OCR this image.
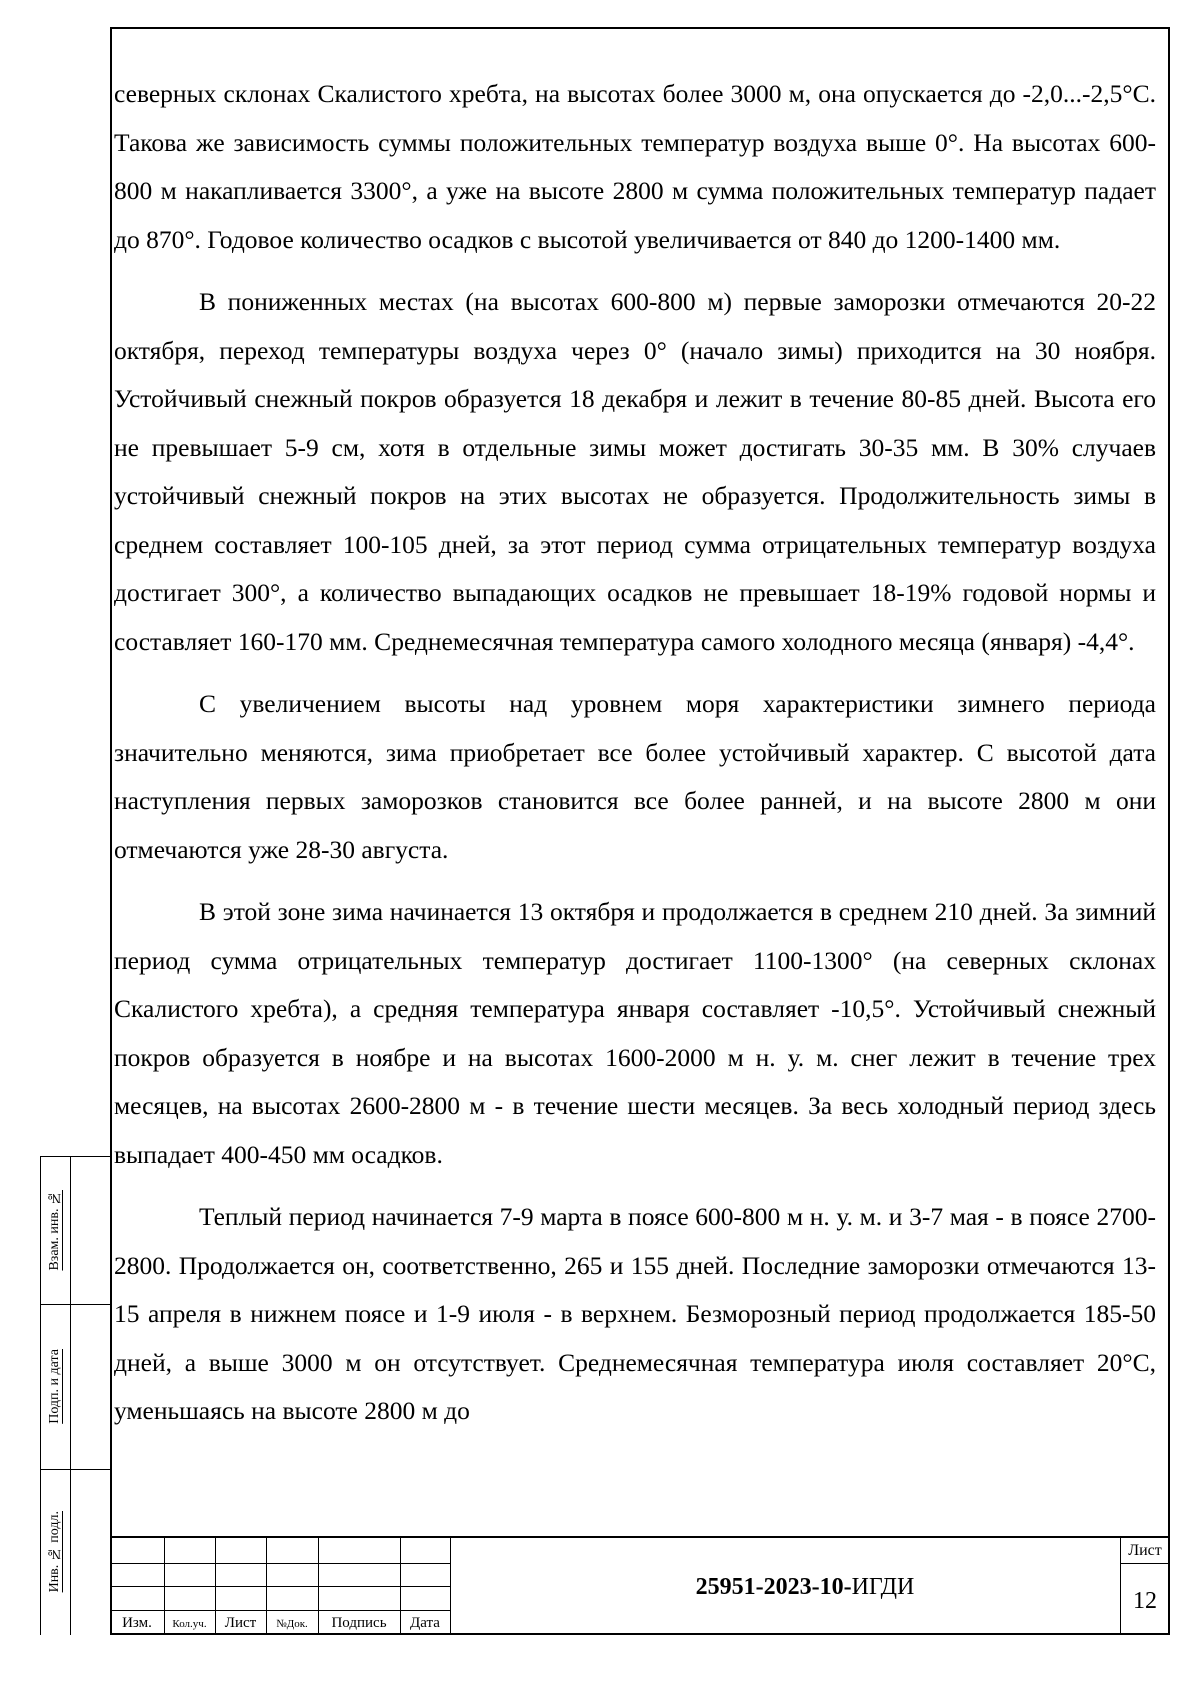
северных склонах Скалистого хребта, на высотах более 3000 м, она опускается до -2,0...-2,5°С. Такова же зависимость суммы положительных температур воздуха выше 0°. На высотах 600-800 м накапливается 3300°, а уже на высоте 2800 м сумма положительных температур падает до 870°. Годовое количество осадков с высотой увеличивается от 840 до 1200-1400 мм.

В пониженных местах (на высотах 600-800 м) первые заморозки отмечаются 20-22 октября, переход температуры воздуха через 0° (начало зимы) приходится на 30 ноября. Устойчивый снежный покров образуется 18 декабря и лежит в течение 80-85 дней. Высота его не превышает 5-9 см, хотя в отдельные зимы может достигать 30-35 мм. В 30% случаев устойчивый снежный покров на этих высотах не образуется. Продолжительность зимы в среднем составляет 100-105 дней, за этот период сумма отрицательных температур воздуха достигает 300°, а количество выпадающих осадков не превышает 18-19% годовой нормы и составляет 160-170 мм. Среднемесячная температура самого холодного месяца (января) -4,4°.

С увеличением высоты над уровнем моря характеристики зимнего периода значительно меняются, зима приобретает все более устойчивый характер. С высотой дата наступления первых заморозков становится все более ранней, и на высоте 2800 м они отмечаются уже 28-30 августа.

В этой зоне зима начинается 13 октября и продолжается в среднем 210 дней. За зимний период сумма отрицательных температур достигает 1100-1300° (на северных склонах Скалистого хребта), а средняя температура января составляет -10,5°. Устойчивый снежный покров образуется в ноябре и на высотах 1600-2000 м н. у. м. снег лежит в течение трех месяцев, на высотах 2600-2800 м - в течение шести месяцев. За весь холодный период здесь выпадает 400-450 мм осадков.

Теплый период начинается 7-9 марта в поясе 600-800 м н. у. м. и 3-7 мая - в поясе 2700-2800. Продолжается он, соответственно, 265 и 155 дней. Последние заморозки отмечаются 13-15 апреля в нижнем поясе и 1-9 июля - в верхнем. Безморозный период продолжается 185-50 дней, а выше 3000 м он отсутствует. Среднемесячная температура июля составляет 20°С, уменьшаясь на высоте 2800 м до

Взам. инв. №
Подп. и дата
Инв. № подл.
Изм.	Кол.уч.	Лист	№Док.	Подпись	Дата
25951-2023-10- ИГДИ
Лист
12
